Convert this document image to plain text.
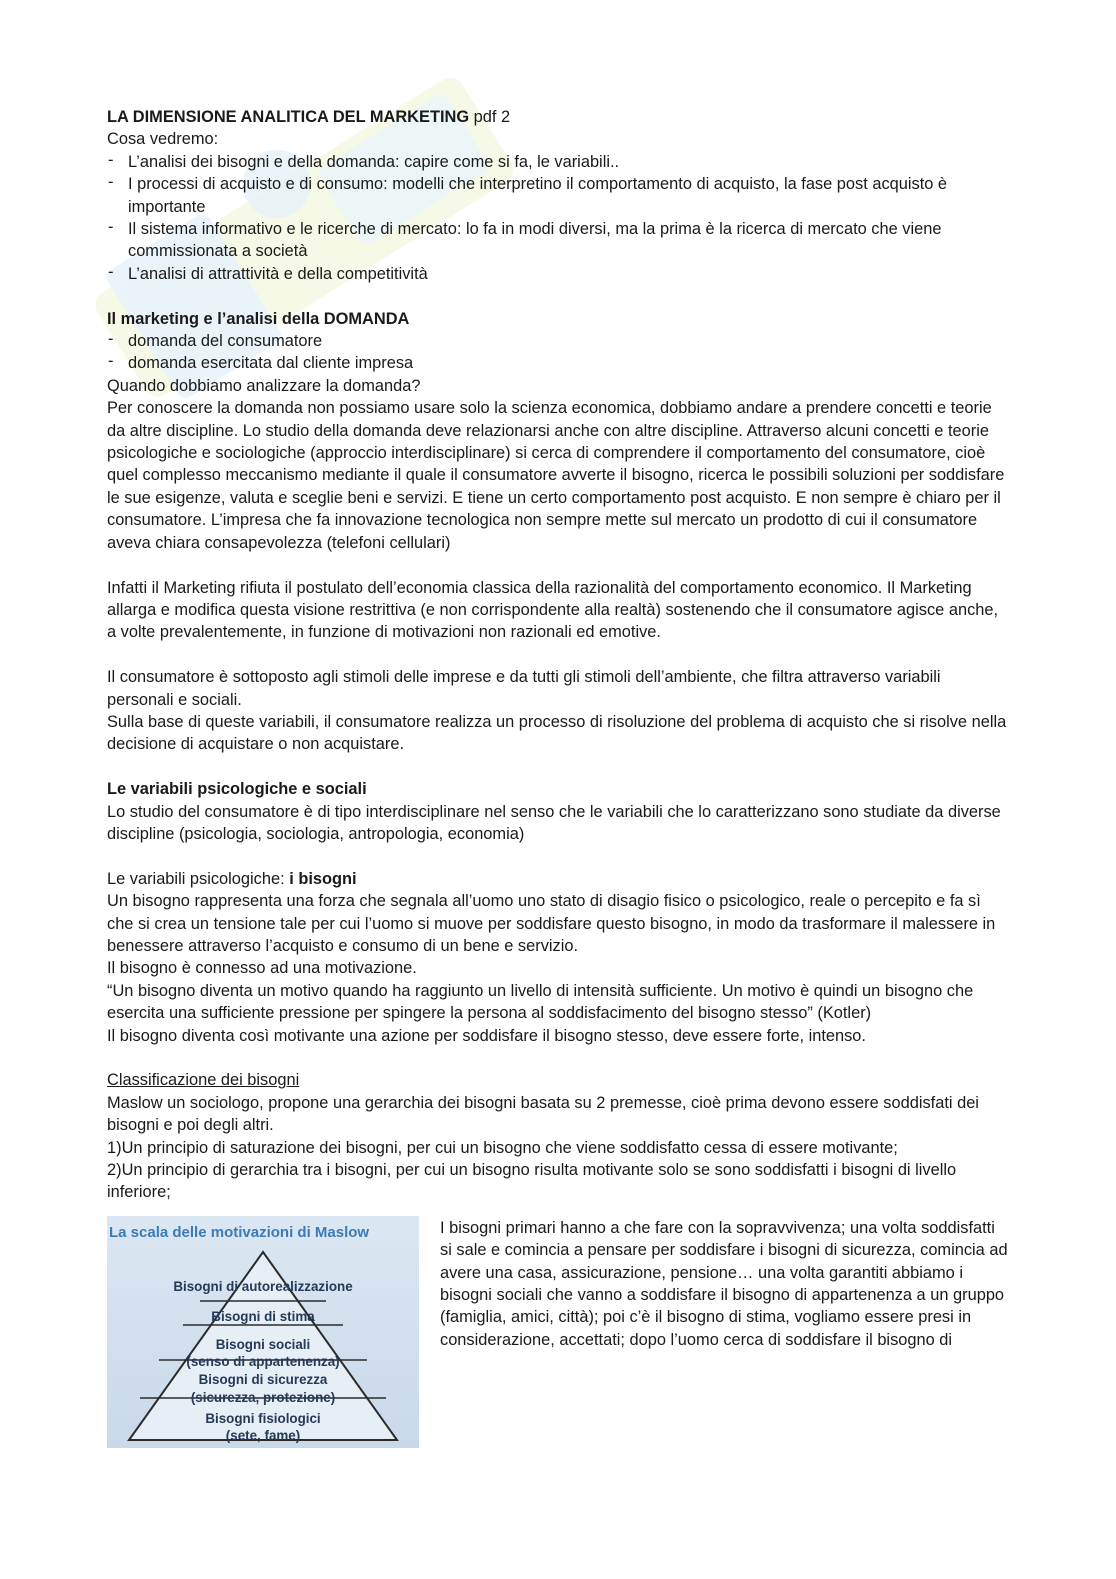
LA DIMENSIONE ANALITICA DEL MARKETING pdf 2

Cosa vedremo:

- L’analisi dei bisogni e della domanda: capire come si fa, le variabili..
- I processi di acquisto e di consumo: modelli che interpretino il comportamento di acquisto, la fase post acquisto è importante
- Il sistema informativo e le ricerche di mercato: lo fa in modi diversi, ma la prima è la ricerca di mercato che viene commissionata a società
- L’analisi di attrattività e della competitività

Il marketing e l’analisi della DOMANDA

- domanda del consumatore
- domanda esercitata dal cliente impresa

Quando dobbiamo analizzare la domanda?

Per conoscere la domanda non possiamo usare solo la scienza economica, dobbiamo andare a prendere concetti e teorie da altre discipline. Lo studio della domanda deve relazionarsi anche con altre discipline. Attraverso alcuni concetti e teorie psicologiche e sociologiche (approccio interdisciplinare) si cerca di comprendere il comportamento del consumatore, cioè quel complesso meccanismo mediante il quale il consumatore avverte il bisogno, ricerca le possibili soluzioni per soddisfare le sue esigenze, valuta e sceglie beni e servizi. E tiene un certo comportamento post acquisto. E non sempre è chiaro per il consumatore. L’impresa che fa innovazione tecnologica non sempre mette sul mercato un prodotto di cui il consumatore aveva chiara consapevolezza (telefoni cellulari)

Infatti il Marketing rifiuta il postulato dell’economia classica della razionalità del comportamento economico. Il Marketing allarga e modifica questa visione restrittiva (e non corrispondente alla realtà) sostenendo che il consumatore agisce anche, a volte prevalentemente, in funzione di motivazioni non razionali ed emotive.

Il consumatore è sottoposto agli stimoli delle imprese e da tutti gli stimoli dell’ambiente, che filtra attraverso variabili personali e sociali.

Sulla base di queste variabili, il consumatore realizza un processo di risoluzione del problema di acquisto che si risolve nella decisione di acquistare o non acquistare.

Le variabili psicologiche e sociali

Lo studio del consumatore è di tipo interdisciplinare nel senso che le variabili che lo caratterizzano sono studiate da diverse discipline (psicologia, sociologia, antropologia, economia)

Le variabili psicologiche: i bisogni

Un bisogno rappresenta una forza che segnala all’uomo uno stato di disagio fisico o psicologico, reale o percepito e fa sì che si crea un tensione tale per cui l’uomo si muove per soddisfare questo bisogno, in modo da trasformare il malessere in benessere attraverso l’acquisto e consumo di un bene e servizio.

Il bisogno è connesso ad una motivazione.

“Un bisogno diventa un motivo quando ha raggiunto un livello di intensità sufficiente. Un motivo è quindi un bisogno che esercita una sufficiente pressione per spingere la persona al soddisfacimento del bisogno stesso” (Kotler)

Il bisogno diventa così motivante una azione per soddisfare il bisogno stesso, deve essere forte, intenso.

Classificazione dei bisogni

Maslow un sociologo, propone una gerarchia dei bisogni basata su 2 premesse, cioè prima devono essere soddisfati dei bisogni e poi degli altri.

1)Un principio di saturazione dei bisogni, per cui un bisogno che viene soddisfatto cessa di essere motivante;

2)Un principio di gerarchia tra i bisogni, per cui un bisogno risulta motivante solo se sono soddisfatti i bisogni di livello inferiore;

La scala delle motivazioni di Maslow
Bisogni di autorealizzazione
Bisogni di stima
Bisogni sociali
(senso di appartenenza)
Bisogni di sicurezza
(sicurezza, protezione)
Bisogni fisiologici
(sete, fame)

I bisogni primari hanno a che fare con la sopravvivenza; una volta soddisfatti si sale e comincia a pensare per soddisfare i bisogni di sicurezza, comincia ad avere una casa, assicurazione, pensione… una volta garantiti abbiamo i bisogni sociali che vanno a soddisfare il bisogno di appartenenza a un gruppo (famiglia, amici, città); poi c’è il bisogno di stima, vogliamo essere presi in considerazione, accettati; dopo l’uomo cerca di soddisfare il bisogno di
